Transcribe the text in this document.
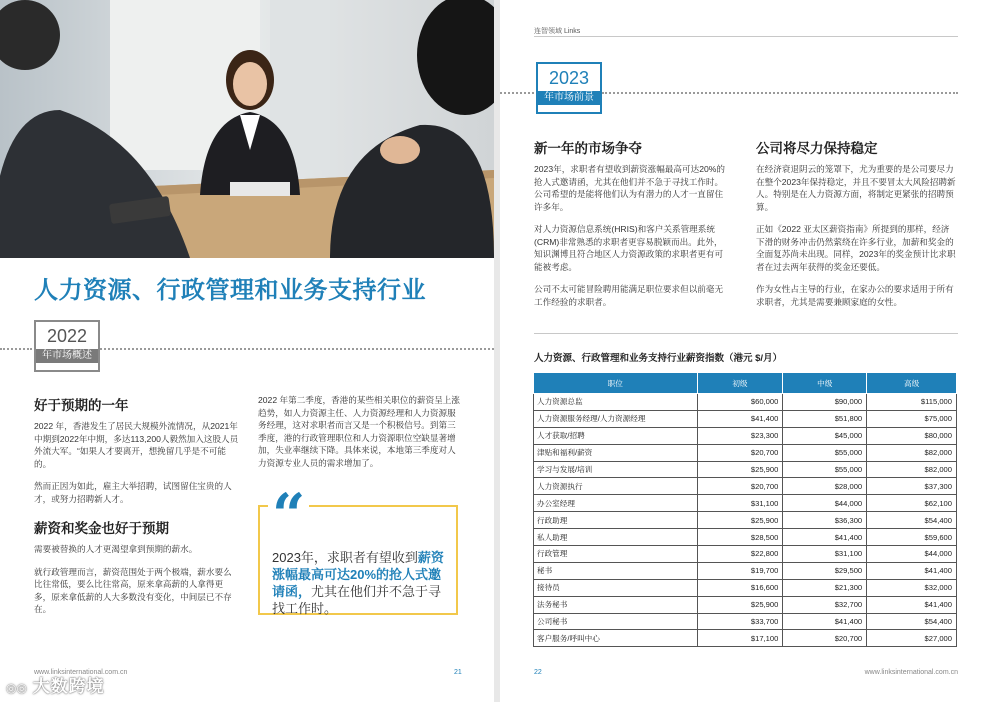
人力资源、行政管理和业务支持行业
2022
年市场概述
好于预期的一年

2022 年，香港发生了居民大规模外流情况，从2021年中期到2022年中期，多达113,200人毅然加入这股人员外流大军。“如果人才要离开，想挽留几乎是不可能的。

然而正因为如此，雇主大举招聘，试图留住宝贵的人才，或努力招聘新人才。

薪资和奖金也好于预期

需要被替换的人才更渴望拿到预期的薪水。

就行政管理而言，薪资范围处于两个极端，薪水要么比往常低，要么比往常高，原来拿高薪的人拿得更多，原来拿低薪的人大多数没有变化，中间层已不存在。

2022 年第二季度，香港的某些相关职位的薪资呈上涨趋势，如人力资源主任、人力资源经理和人力资源服务经理，这对求职者而言又是一个积极信号。到第三季度，港的行政管理职位和人力资源职位空缺显著增加，失业率继续下降。具体来说，本地第三季度对人力资源专业人员的需求增加了。

2023年，求职者有望收到薪资涨幅最高可达20%的抢人式邀请函，尤其在他们并不急于寻找工作时。

“
www.linksinternational.com.cn	21
连智领域 Links
2023
年市场前景
新一年的市场争夺

2023年，求职者有望收到薪资涨幅最高可达20%的抢人式邀请函，尤其在他们并不急于寻找工作时。公司希望的是能将他们认为有潜力的人才一直留住许多年。

对人力资源信息系统(HRIS)和客户关系管理系统(CRM)非常熟悉的求职者更容易脱颖而出。此外，知识渊博且符合地区人力资源政策的求职者更有可能被考虑。

公司不太可能冒险聘用能满足职位要求但以前毫无工作经验的求职者。

公司将尽力保持稳定

在经济衰退阴云的笼罩下，尤为重要的是公司要尽力在整个2023年保持稳定，并且不要冒太大风险招聘新人。特别是在人力资源方面，将制定更紧张的招聘预算。

正如《2022 亚太区薪资指南》所提到的那样，经济下滑的财务冲击仍然萦绕在许多行业，加薪和奖金的全面复苏尚未出现。同样，2023年的奖金预计比求职者在过去两年获得的奖金还要低。

作为女性占主导的行业，在家办公的要求适用于所有求职者，尤其是需要兼顾家庭的女性。

人力资源、行政管理和业务支持行业薪资指数（港元 $/月）
职位	初级	中级	高级
人力资源总监	$60,000	$90,000	$115,000
人力资源服务经理/人力资源经理	$41,400	$51,800	$75,000
人才获取/招聘	$23,300	$45,000	$80,000
津贴和福利/薪资	$20,700	$55,000	$82,000
学习与发展/培训	$25,900	$55,000	$82,000
人力资源执行	$20,700	$28,000	$37,300
办公室经理	$31,100	$44,000	$62,100
行政助理	$25,900	$36,300	$54,400
私人助理	$28,500	$41,400	$59,600
行政管理	$22,800	$31,100	$44,000
秘书	$19,700	$29,500	$41,400
接待员	$16,600	$21,300	$32,000
法务秘书	$25,900	$32,700	$41,400
公司秘书	$33,700	$41,400	$54,400
客户服务/呼叫中心	$17,100	$20,700	$27,000
22	www.linksinternational.com.cn
◎◎ 大数跨境
